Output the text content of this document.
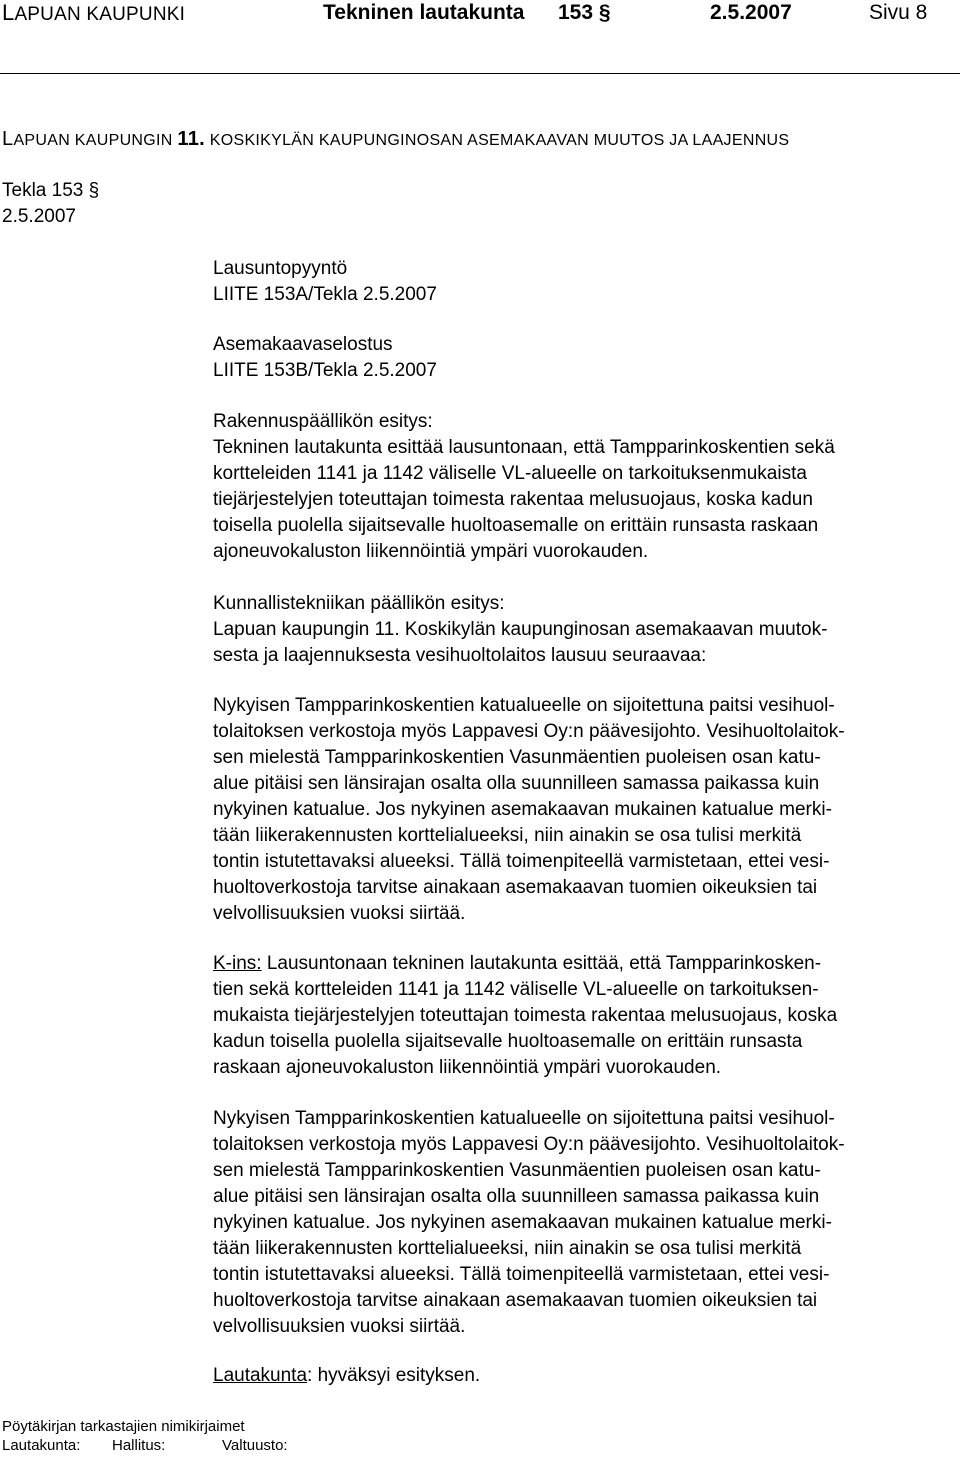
LAPUAN KAUPUNKI	Tekninen lautakunta 153 §	2.5.2007	Sivu 8
LAPUAN KAUPUNGIN 11. KOSKIKYLÄN KAUPUNGINOSAN ASEMAKAAVAN MUUTOS JA LAAJENNUS
Tekla 153 §
2.5.2007
Lausuntopyyntö
LIITE 153A/Tekla 2.5.2007
Asemakaavaselostus
LIITE 153B/Tekla 2.5.2007
Rakennuspäällikön esitys:
Tekninen lautakunta esittää lausuntonaan, että Tampparinkoskentien sekä
kortteleiden 1141 ja 1142 väliselle VL-alueelle on tarkoituksenmukaista
tiejärjestelyjen toteuttajan toimesta rakentaa melusuojaus, koska kadun
toisella puolella sijaitsevalle huoltoasemalle on erittäin runsasta raskaan
ajoneuvokaluston liikennöintiä ympäri vuorokauden.
Kunnallistekniikan päällikön esitys:
Lapuan kaupungin 11. Koskikylän kaupunginosan asemakaavan muutok-
sesta ja laajennuksesta vesihuoltolaitos lausuu seuraavaa:
Nykyisen Tampparinkoskentien katualueelle on sijoitettuna paitsi vesihuol-
tolaitoksen verkostoja myös Lappavesi Oy:n päävesijohto. Vesihuoltolaitok-
sen mielestä Tampparinkoskentien Vasunmäentien puoleisen osan katu-
alue pitäisi sen länsirajan osalta olla suunnilleen samassa paikassa kuin
nykyinen katualue. Jos nykyinen asemakaavan mukainen katualue merki-
tään liikerakennusten korttelialueeksi, niin ainakin se osa tulisi merkitä
tontin istutettavaksi alueeksi. Tällä toimenpiteellä varmistetaan, ettei vesi-
huoltoverkostoja tarvitse ainakaan asemakaavan tuomien oikeuksien tai
velvollisuuksien vuoksi siirtää.
K-ins: Lausuntonaan tekninen lautakunta esittää, että Tampparinkosken-
tien sekä kortteleiden 1141 ja 1142 väliselle VL-alueelle on tarkoituksen-
mukaista tiejärjestelyjen toteuttajan toimesta rakentaa melusuojaus, koska
kadun toisella puolella sijaitsevalle huoltoasemalle on erittäin runsasta
raskaan ajoneuvokaluston liikennöintiä ympäri vuorokauden.
Nykyisen Tampparinkoskentien katualueelle on sijoitettuna paitsi vesihuol-
tolaitoksen verkostoja myös Lappavesi Oy:n päävesijohto. Vesihuoltolaitok-
sen mielestä Tampparinkoskentien Vasunmäentien puoleisen osan katu-
alue pitäisi sen länsirajan osalta olla suunnilleen samassa paikassa kuin
nykyinen katualue. Jos nykyinen asemakaavan mukainen katualue merki-
tään liikerakennusten korttelialueeksi, niin ainakin se osa tulisi merkitä
tontin istutettavaksi alueeksi. Tällä toimenpiteellä varmistetaan, ettei vesi-
huoltoverkostoja tarvitse ainakaan asemakaavan tuomien oikeuksien tai
velvollisuuksien vuoksi siirtää.
Lautakunta: hyväksyi esityksen.
Pöytäkirjan tarkastajien nimikirjaimet
Lautakunta: Hallitus:	Valtuusto:
